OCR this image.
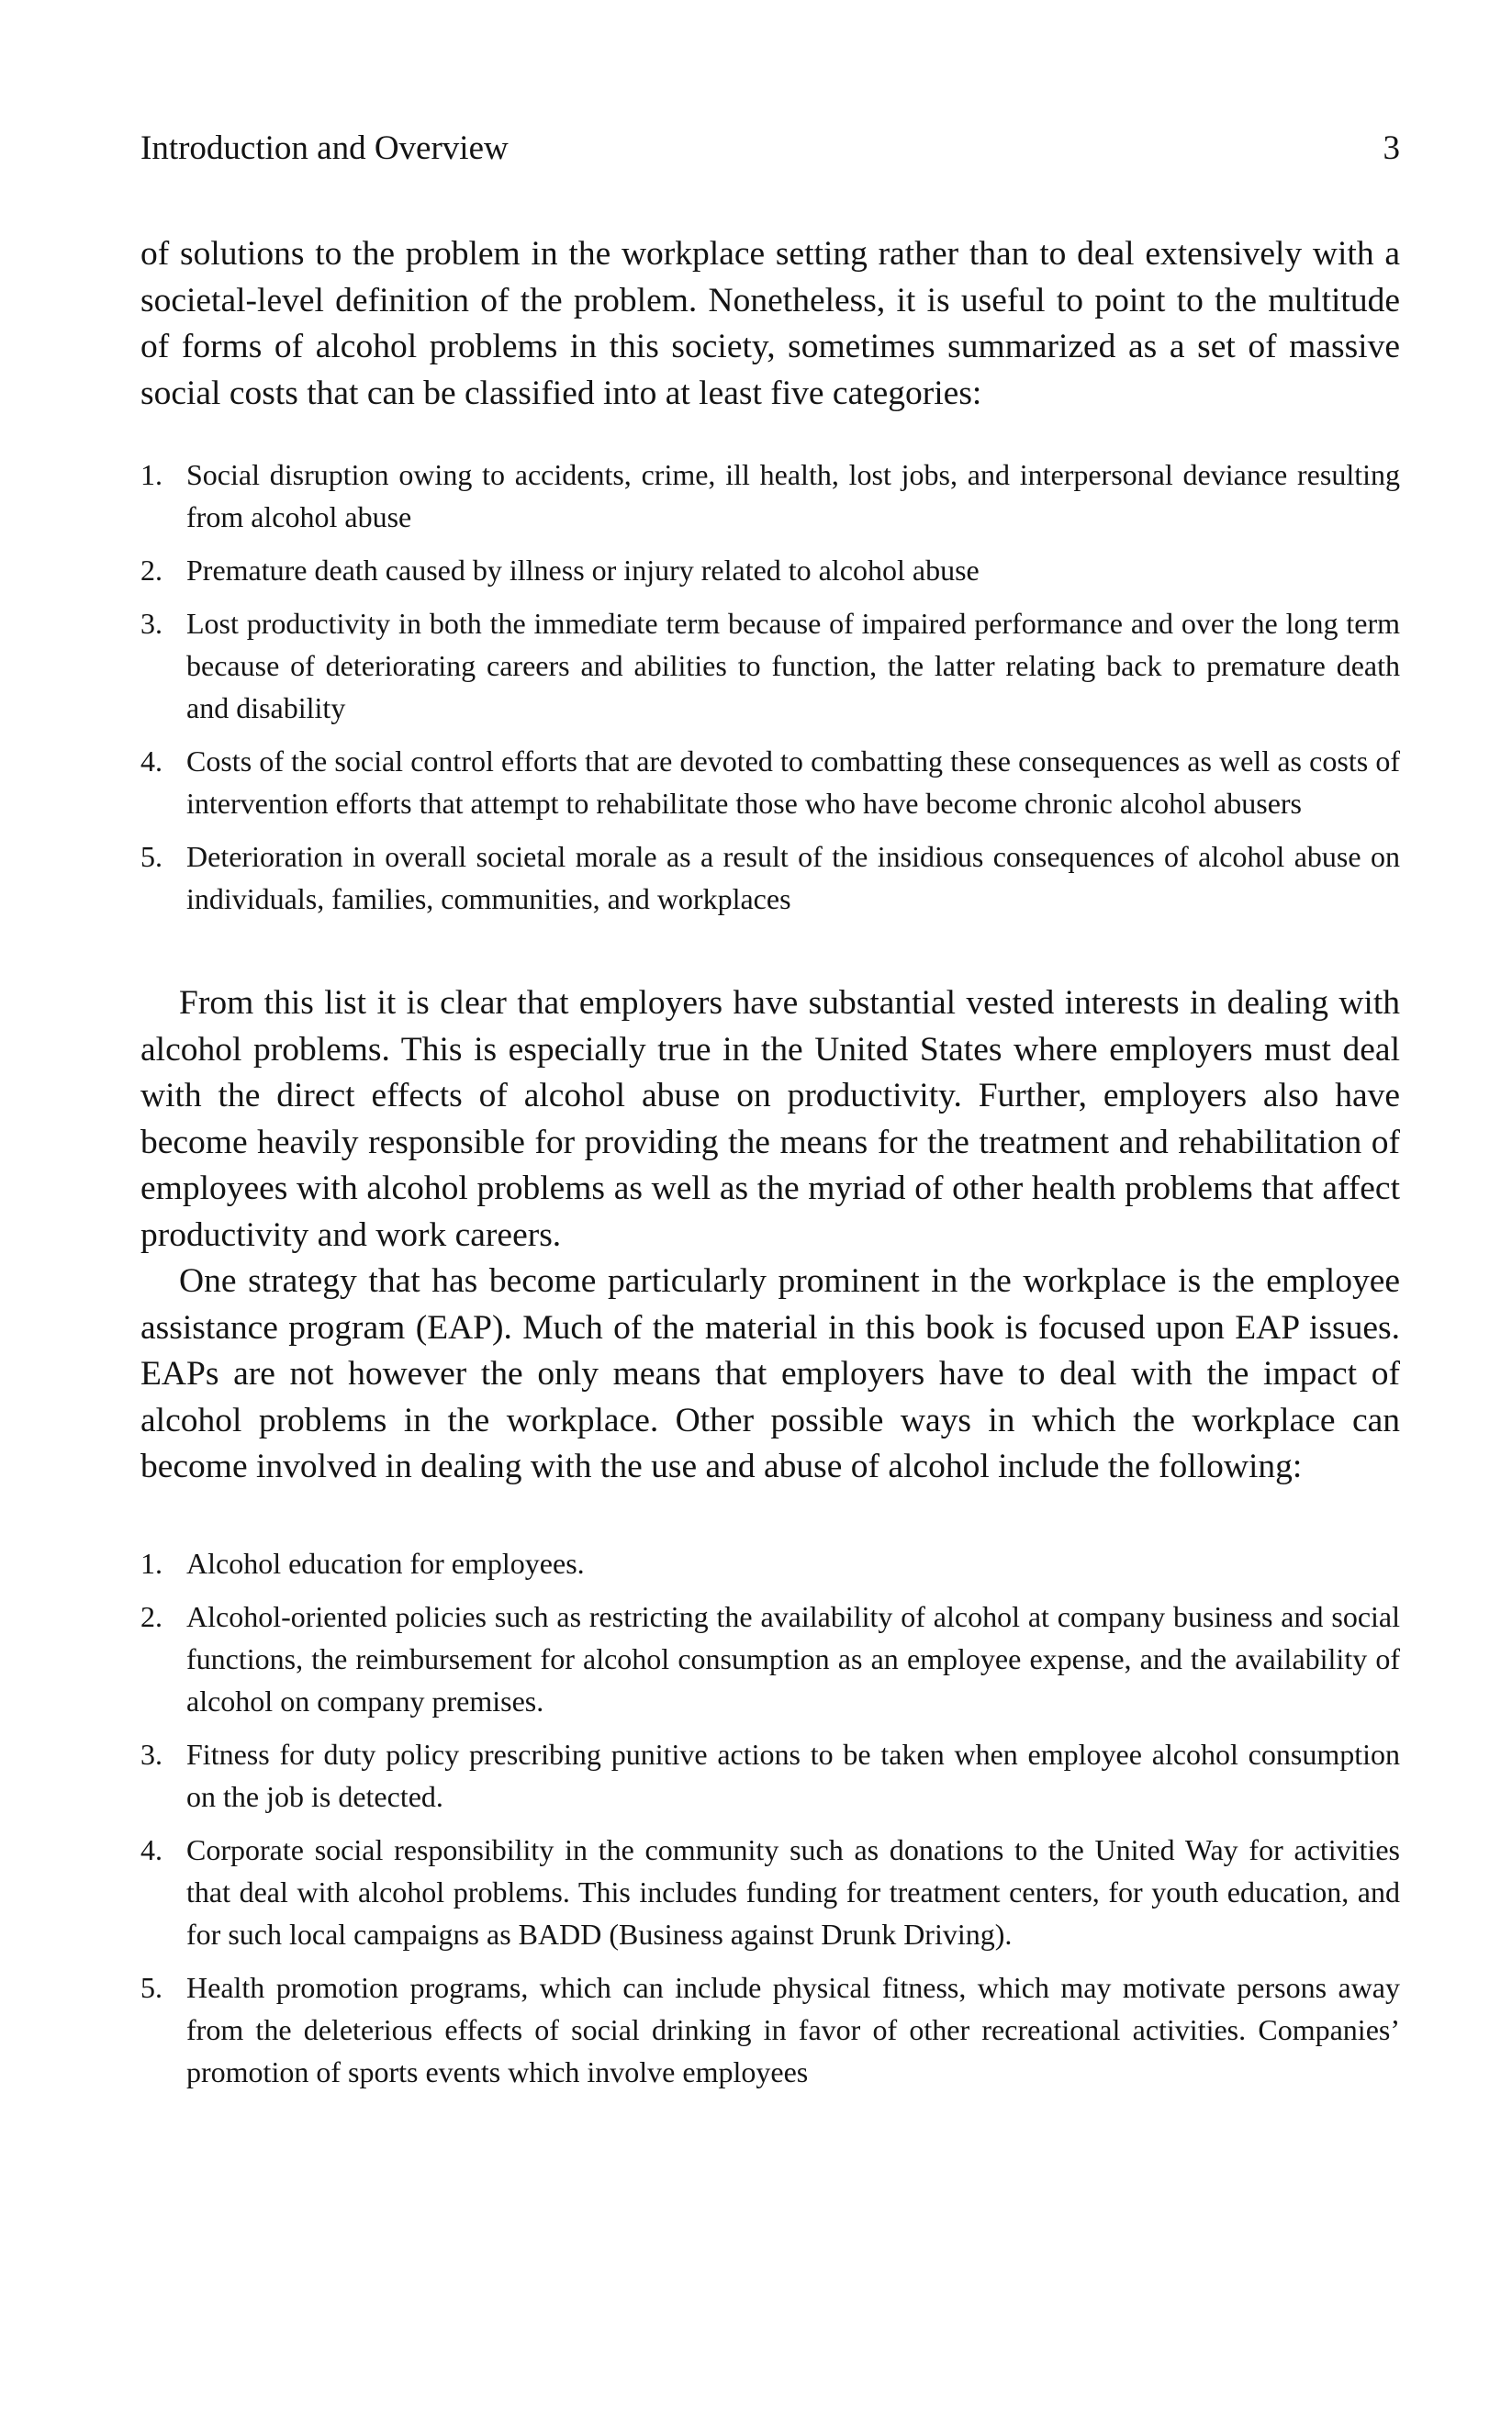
Introduction and Overview	3

of solutions to the problem in the workplace setting rather than to deal extensively with a societal-level definition of the problem. Nonetheless, it is useful to point to the multitude of forms of alcohol problems in this society, sometimes summarized as a set of massive social costs that can be classified into at least five categories:

1. Social disruption owing to accidents, crime, ill health, lost jobs, and interpersonal deviance resulting from alcohol abuse
2. Premature death caused by illness or injury related to alcohol abuse
3. Lost productivity in both the immediate term because of impaired performance and over the long term because of deteriorating careers and abilities to function, the latter relating back to premature death and disability
4. Costs of the social control efforts that are devoted to combatting these consequences as well as costs of intervention efforts that attempt to rehabilitate those who have become chronic alcohol abusers
5. Deterioration in overall societal morale as a result of the insidious consequences of alcohol abuse on individuals, families, communities, and workplaces

From this list it is clear that employers have substantial vested interests in dealing with alcohol problems. This is especially true in the United States where employers must deal with the direct effects of alcohol abuse on productivity. Further, employers also have become heavily responsible for providing the means for the treatment and rehabilitation of employees with alcohol problems as well as the myriad of other health problems that affect productivity and work careers.

One strategy that has become particularly prominent in the workplace is the employee assistance program (EAP). Much of the material in this book is focused upon EAP issues. EAPs are not however the only means that employers have to deal with the impact of alcohol problems in the workplace. Other possible ways in which the workplace can become involved in dealing with the use and abuse of alcohol include the following:

1. Alcohol education for employees.
2. Alcohol-oriented policies such as restricting the availability of alcohol at company business and social functions, the reimbursement for alcohol consumption as an employee expense, and the availability of alcohol on company premises.
3. Fitness for duty policy prescribing punitive actions to be taken when employee alcohol consumption on the job is detected.
4. Corporate social responsibility in the community such as donations to the United Way for activities that deal with alcohol problems. This includes funding for treatment centers, for youth education, and for such local campaigns as BADD (Business against Drunk Driving).
5. Health promotion programs, which can include physical fitness, which may motivate persons away from the deleterious effects of social drinking in favor of other recreational activities. Companies’ promotion of sports events which involve employees
